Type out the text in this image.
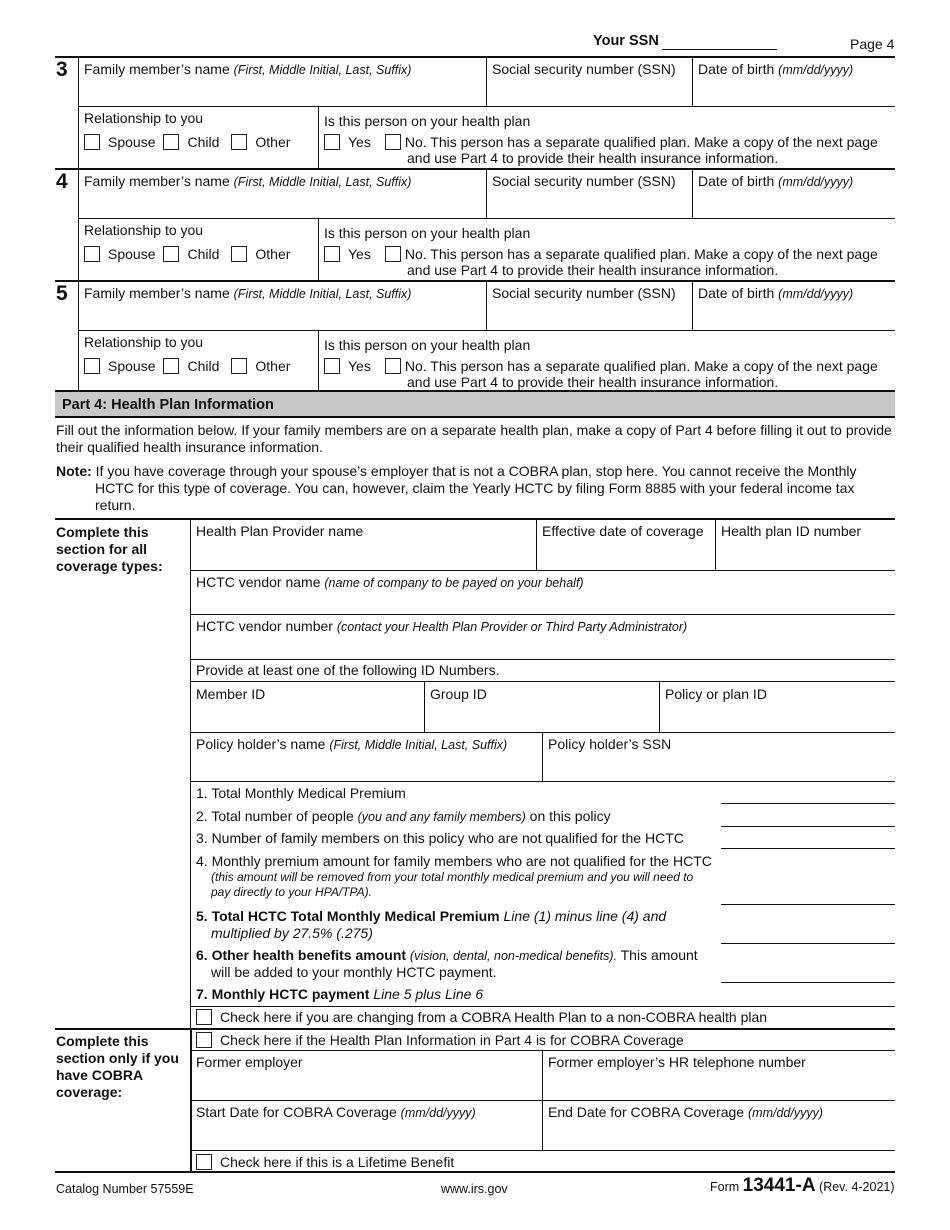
Your SSN	Page 4
3 Family member’s name (First, Middle Initial, Last, Suffix)	Social security number (SSN) Date of birth (mm/dd/yyyy)
Relationship to you
Spouse Child	Other
Is this person on your health plan
Yes No. This person has a separate qualified plan. Make a copy of the next page
and use Part 4 to provide their health insurance information.
4 Family member’s name (First, Middle Initial, Last, Suffix)	Social security number (SSN) Date of birth (mm/dd/yyyy)
Relationship to you
Spouse Child	Other
Is this person on your health plan
Yes No. This person has a separate qualified plan. Make a copy of the next page
and use Part 4 to provide their health insurance information.
5 Family member’s name (First, Middle Initial, Last, Suffix)	Social security number (SSN) Date of birth (mm/dd/yyyy)
Relationship to you
Spouse Child	Other
Is this person on your health plan
Yes No. This person has a separate qualified plan. Make a copy of the next page
and use Part 4 to provide their health insurance information.
Part 4: Health Plan Information
Fill out the information below. If your family members are on a separate health plan, make a copy of Part 4 before filling it out to provide
their qualified health insurance information.
Note: If you have coverage through your spouse’s employer that is not a COBRA plan, stop here. You cannot receive the Monthly
HCTC for this type of coverage. You can, however, claim the Yearly HCTC by filing Form 8885 with your federal income tax
return.
Complete this
section for all
coverage types:
Health Plan Provider name	Effective date of coverage Health plan ID number
HCTC vendor name (name of company to be payed on your behalf)
HCTC vendor number (contact your Health Plan Provider or Third Party Administrator)
Provide at least one of the following ID Numbers.
Member ID	Group ID	Policy or plan ID
Policy holder’s name (First, Middle Initial, Last, Suffix)	Policy holder’s SSN
1. Total Monthly Medical Premium
2. Total number of people (you and any family members) on this policy
3. Number of family members on this policy who are not qualified for the HCTC
4. Monthly premium amount for family members who are not qualified for the HCTC
(this amount will be removed from your total monthly medical premium and you will need to
pay directly to your HPA/TPA).
5. Total HCTC Total Monthly Medical Premium Line (1) minus line (4) and
multiplied by 27.5% (.275)
6. Other health benefits amount (vision, dental, non-medical benefits). This amount
will be added to your monthly HCTC payment.
7. Monthly HCTC payment Line 5 plus Line 6
Check here if you are changing from a COBRA Health Plan to a non-COBRA health plan
Complete this
section only if you
have COBRA
coverage:
Check here if the Health Plan Information in Part 4 is for COBRA Coverage
Former employer	Former employer’s HR telephone number
Start Date for COBRA Coverage (mm/dd/yyyy)	End Date for COBRA Coverage (mm/dd/yyyy)
Check here if this is a Lifetime Benefit
Catalog Number 57559E	www.irs.gov	Form 13441-A (Rev. 4-2021)
